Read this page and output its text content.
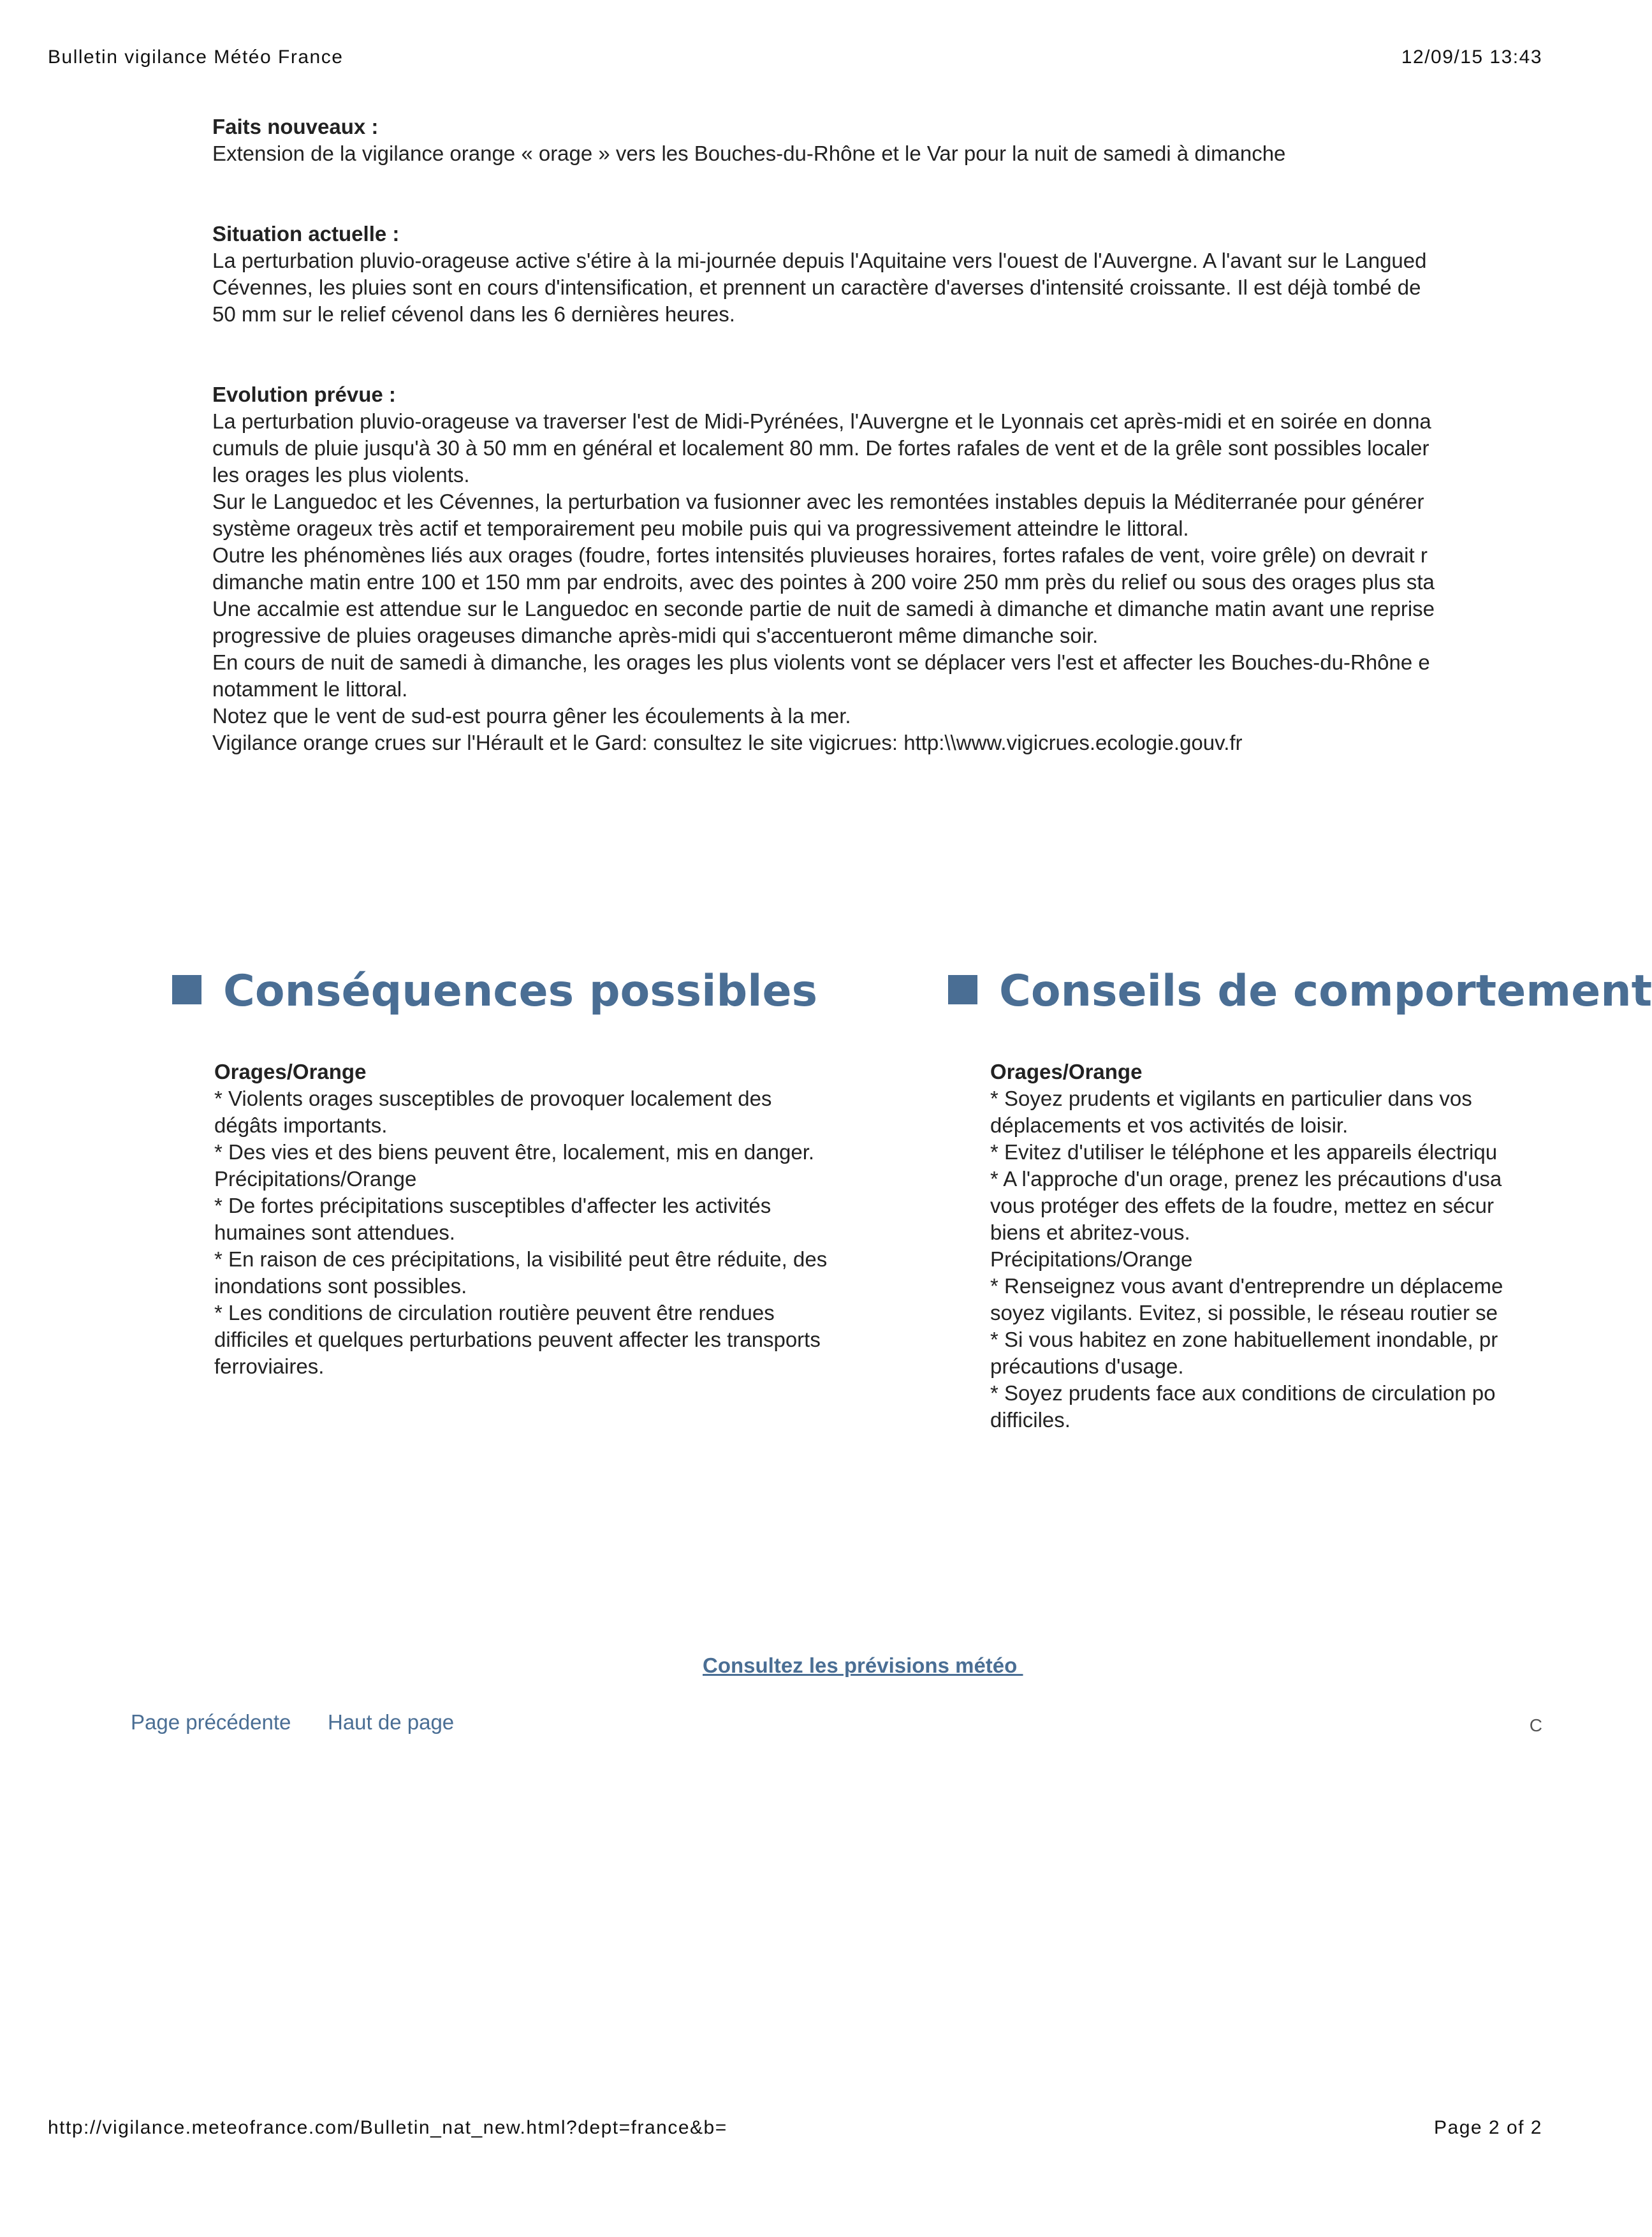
Bulletin vigilance Météo France	12/09/15 13:43
Faits nouveaux :
Extension de la vigilance orange « orage » vers les Bouches-du-Rhône et le Var pour la nuit de samedi à dimanche
Situation actuelle :
La perturbation pluvio-orageuse active s'étire à la mi-journée depuis l'Aquitaine vers l'ouest de l'Auvergne. A l'avant sur le Langued
Cévennes, les pluies sont en cours d'intensification, et prennent un caractère d'averses d'intensité croissante. Il est déjà tombé de
50 mm sur le relief cévenol dans les 6 dernières heures.
Evolution prévue :
La perturbation pluvio-orageuse va traverser l'est de Midi-Pyrénées, l'Auvergne et le Lyonnais cet après-midi et en soirée en donna
cumuls de pluie jusqu'à 30 à 50 mm en général et localement 80 mm. De fortes rafales de vent et de la grêle sont possibles localer
les orages les plus violents.
Sur le Languedoc et les Cévennes, la perturbation va fusionner avec les remontées instables depuis la Méditerranée pour générer
système orageux très actif et temporairement peu mobile puis qui va progressivement atteindre le littoral.
Outre les phénomènes liés aux orages (foudre, fortes intensités pluvieuses horaires, fortes rafales de vent, voire grêle) on devrait r
dimanche matin entre 100 et 150 mm par endroits, avec des pointes à 200 voire 250 mm près du relief ou sous des orages plus sta
Une accalmie est attendue sur le Languedoc en seconde partie de nuit de samedi à dimanche et dimanche matin avant une reprise
progressive de pluies orageuses dimanche après-midi qui s'accentueront même dimanche soir.
En cours de nuit de samedi à dimanche, les orages les plus violents vont se déplacer vers l'est et affecter les Bouches-du-Rhône e
notamment le littoral.
Notez que le vent de sud-est pourra gêner les écoulements à la mer.
Vigilance orange crues sur l'Hérault et le Gard: consultez le site vigicrues: http:\\www.vigicrues.ecologie.gouv.fr
Conséquences possibles	Conseils de comportement
Orages/Orange
* Violents orages susceptibles de provoquer localement des
dégâts importants.
* Des vies et des biens peuvent être, localement, mis en danger.
Précipitations/Orange
* De fortes précipitations susceptibles d'affecter les activités
humaines sont attendues.
* En raison de ces précipitations, la visibilité peut être réduite, des
inondations sont possibles.
* Les conditions de circulation routière peuvent être rendues
difficiles et quelques perturbations peuvent affecter les transports
ferroviaires.
Orages/Orange
* Soyez prudents et vigilants en particulier dans vos
déplacements et vos activités de loisir.
* Evitez d'utiliser le téléphone et les appareils électriqu
* A l'approche d'un orage, prenez les précautions d'usa
vous protéger des effets de la foudre, mettez en sécur
biens et abritez-vous.
Précipitations/Orange
* Renseignez vous avant d'entreprendre un déplaceme
soyez vigilants. Evitez, si possible, le réseau routier se
* Si vous habitez en zone habituellement inondable, pr
précautions d'usage.
* Soyez prudents face aux conditions de circulation po
difficiles.
Consultez les prévisions météo
Page précédente Haut de page	C
http://vigilance.meteofrance.com/Bulletin_nat_new.html?dept=france&b=	Page 2 of 2
